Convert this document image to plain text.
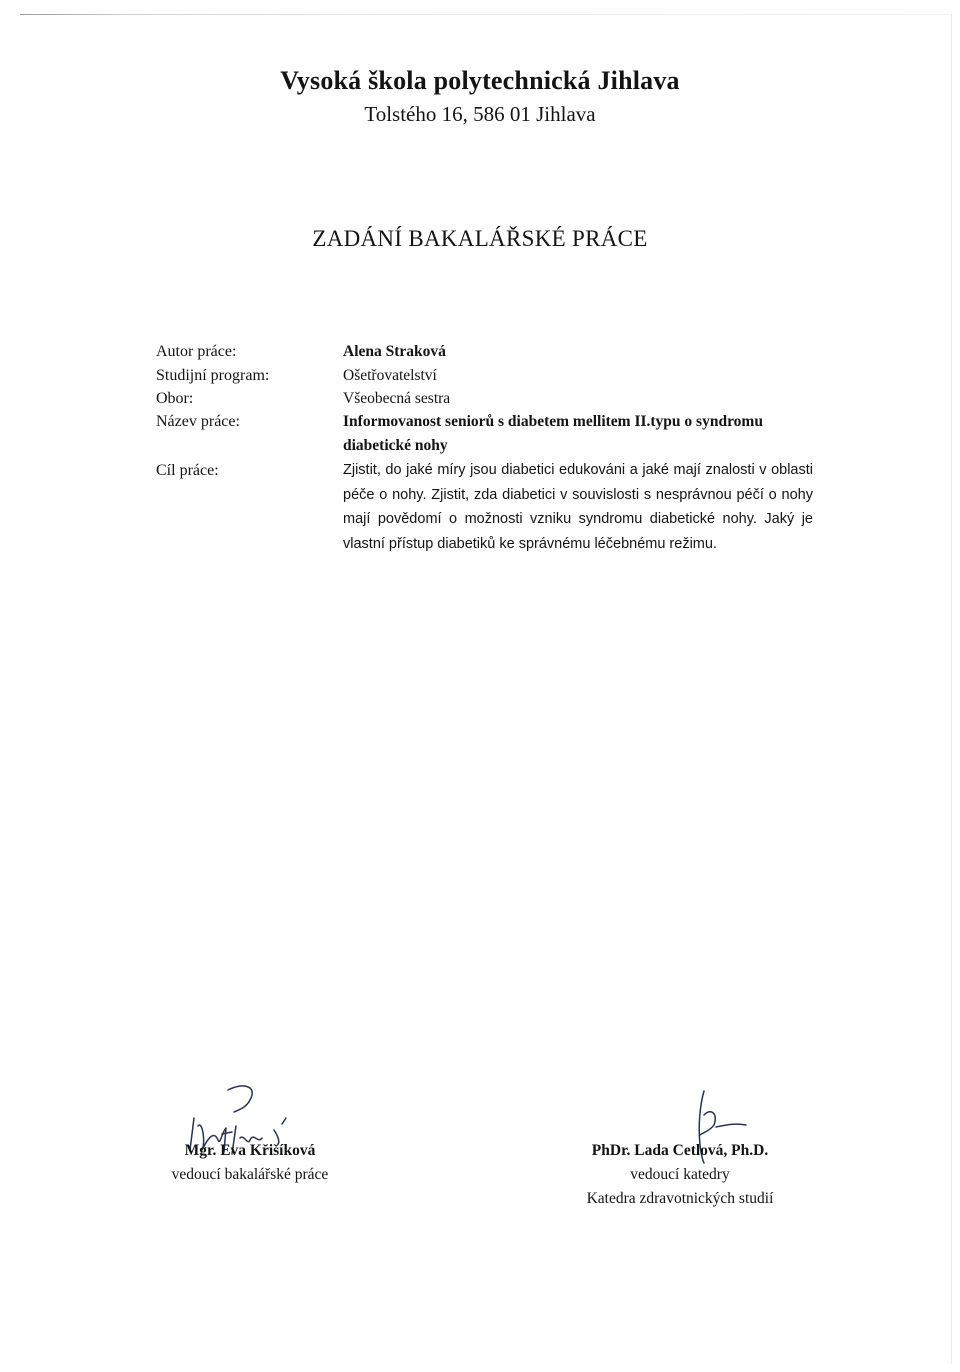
Vysoká škola polytechnická Jihlava
Tolstého 16, 586 01 Jihlava
ZADÁNÍ BAKALÁŘSKÉ PRÁCE
Autor práce:	Alena Straková
Studijní program:	Ošetřovatelství
Obor:	Všeobecná sestra
Název práce:	Informovanost seniorů s diabetem mellitem II.typu o syndromu
diabetické nohy
Cíl práce:	Zjistit, do jaké míry jsou diabetici edukováni a jaké mají znalosti v oblasti péče o nohy. Zjistit, zda diabetici v souvislosti s nesprávnou péčí o nohy mají povědomí o možnosti vzniku syndromu diabetické nohy. Jaký je vlastní přístup diabetiků ke správnému léčebnému režimu.
Mgr. Eva Křišíková
vedoucí bakalářské práce
PhDr. Lada Cetlová, Ph.D.
vedoucí katedry
Katedra zdravotnických studií
